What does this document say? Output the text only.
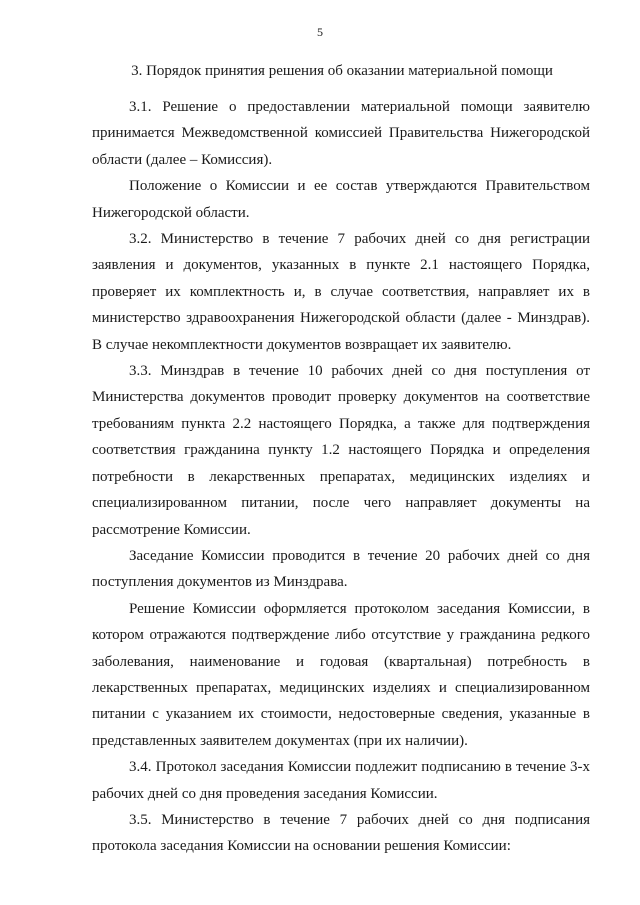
5
3. Порядок принятия решения об оказании материальной помощи

3.1. Решение о предоставлении материальной помощи заявителю принимается Межведомственной комиссией Правительства Нижегородской области (далее – Комиссия).

Положение о Комиссии и ее состав утверждаются Правительством Нижегородской области.

3.2. Министерство в течение 7 рабочих дней со дня регистрации заявления и документов, указанных в пункте 2.1 настоящего Порядка, проверяет их комплектность и, в случае соответствия, направляет их в министерство здравоохранения Нижегородской области (далее - Минздрав). В случае некомплектности документов возвращает их заявителю.

3.3. Минздрав в течение 10 рабочих дней со дня поступления от Министерства документов проводит проверку документов на соответствие требованиям пункта 2.2 настоящего Порядка, а также для подтверждения соответствия гражданина пункту 1.2 настоящего Порядка и определения потребности в лекарственных препаратах, медицинских изделиях и специализированном питании, после чего направляет документы на рассмотрение Комиссии.

Заседание Комиссии проводится в течение 20 рабочих дней со дня поступления документов из Минздрава.

Решение Комиссии оформляется протоколом заседания Комиссии, в котором отражаются подтверждение либо отсутствие у гражданина редкого заболевания, наименование и годовая (квартальная) потребность в лекарственных препаратах, медицинских изделиях и специализированном питании с указанием их стоимости, недостоверные сведения, указанные в представленных заявителем документах (при их наличии).

3.4. Протокол заседания Комиссии подлежит подписанию в течение 3-х рабочих дней со дня проведения заседания Комиссии.

3.5. Министерство в течение 7 рабочих дней со дня подписания протокола заседания Комиссии на основании решения Комиссии:
